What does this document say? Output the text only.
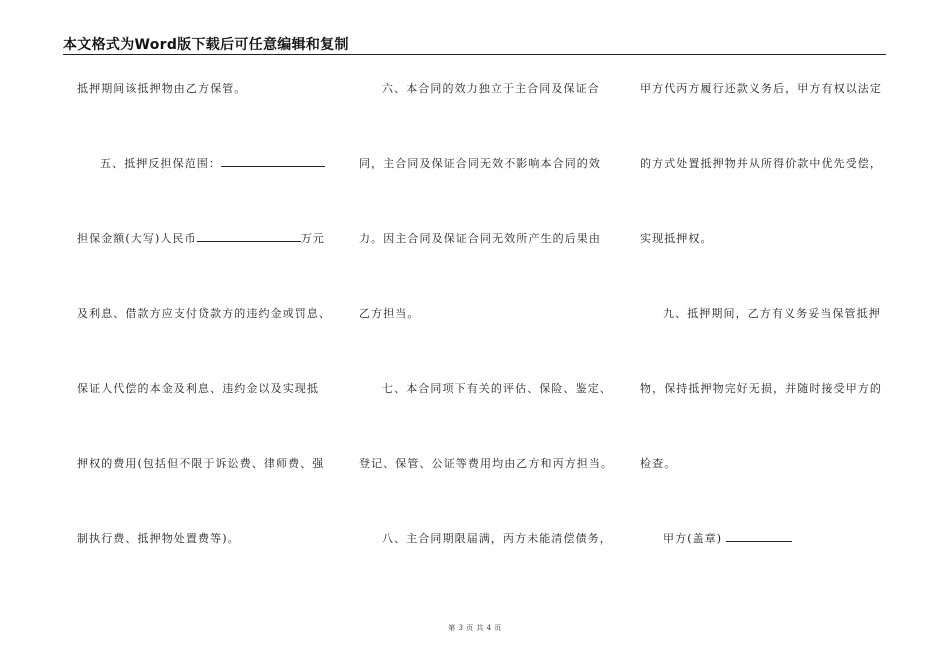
本文格式为Word版下载后可任意编辑和复制
抵押期间该抵押物由乙方保管。
五、抵押反担保范围：
担保金额(大写)人民币	万元
及利息、借款方应支付贷款方的违约金或罚息、
保证人代偿的本金及利息、违约金以及实现抵
押权的费用(包括但不限于诉讼费、律师费、强
制执行费、抵押物处置费等)。
六、本合同的效力独立于主合同及保证合
同，主合同及保证合同无效不影响本合同的效
力。因主合同及保证合同无效所产生的后果由
乙方担当。
七、本合同项下有关的评估、保险、鉴定、
登记、保管、公证等费用均由乙方和丙方担当。
八、主合同期限届满，丙方未能清偿债务，
甲方代丙方履行还款义务后，甲方有权以法定
的方式处置抵押物并从所得价款中优先受偿，
实现抵押权。
九、抵押期间，乙方有义务妥当保管抵押
物，保持抵押物完好无损，并随时接受甲方的
检查。
甲方(盖章)
第 3 页 共 4 页
